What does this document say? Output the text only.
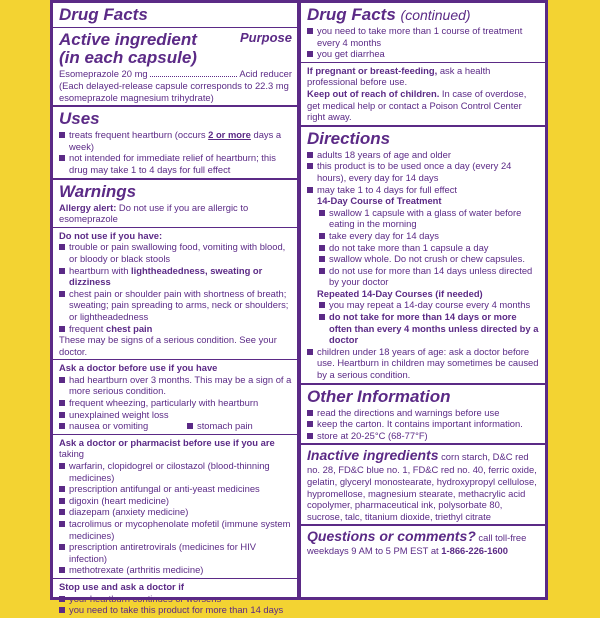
Drug Facts
Active ingredient
(in each capsule)
Purpose
Esomeprazole 20 mg	Acid reducer
(Each delayed-release capsule corresponds to 22.3 mg esomeprazole magnesium trihydrate)
Uses
treats frequent heartburn (occurs 2 or more days a week)
not intended for immediate relief of heartburn; this drug may take 1 to 4 days for full effect
Warnings
Allergy alert: Do not use if you are allergic to esomeprazole
Do not use if you have:
trouble or pain swallowing food, vomiting with blood, or bloody or black stools
heartburn with lightheadedness, sweating or dizziness
chest pain or shoulder pain with shortness of breath; sweating; pain spreading to arms, neck or shoulders; or lightheadedness
frequent chest pain
These may be signs of a serious condition. See your doctor.
Ask a doctor before use if you have
had heartburn over 3 months. This may be a sign of a more serious condition.
frequent wheezing, particularly with heartburn
unexplained weight loss
nausea or vomiting	stomach pain
Ask a doctor or pharmacist before use if you are taking
warfarin, clopidogrel or cilostazol (blood-thinning medicines)
prescription antifungal or anti-yeast medicines
digoxin (heart medicine)
diazepam (anxiety medicine)
tacrolimus or mycophenolate mofetil (immune system medicines)
prescription antiretrovirals (medicines for HIV infection)
methotrexate (arthritis medicine)
Stop use and ask a doctor if
your heartburn continues or worsens
you need to take this product for more than 14 days
Drug Facts (continued)
you need to take more than 1 course of treatment every 4 months
you get diarrhea
If pregnant or breast-feeding, ask a health professional before use.
Keep out of reach of children. In case of overdose, get medical help or contact a Poison Control Center right away.
Directions
adults 18 years of age and older
this product is to be used once a day (every 24 hours), every day for 14 days
may take 1 to 4 days for full effect
14-Day Course of Treatment
swallow 1 capsule with a glass of water before eating in the morning
take every day for 14 days
do not take more than 1 capsule a day
swallow whole. Do not crush or chew capsules.
do not use for more than 14 days unless directed by your doctor
Repeated 14-Day Courses (if needed)
you may repeat a 14-day course every 4 months
do not take for more than 14 days or more often than every 4 months unless directed by a doctor
children under 18 years of age: ask a doctor before use. Heartburn in children may sometimes be caused by a serious condition.
Other Information
read the directions and warnings before use
keep the carton. It contains important information.
store at 20-25°C (68-77°F)
Inactive ingredients corn starch, D&C red no. 28, FD&C blue no. 1, FD&C red no. 40, ferric oxide, gelatin, glyceryl monostearate, hydroxypropyl cellulose, hypromellose, magnesium stearate, methacrylic acid copolymer, pharmaceutical ink, polysorbate 80, sucrose, talc, titanium dioxide, triethyl citrate
Questions or comments? call toll-free weekdays 9 AM to 5 PM EST at 1-866-226-1600
